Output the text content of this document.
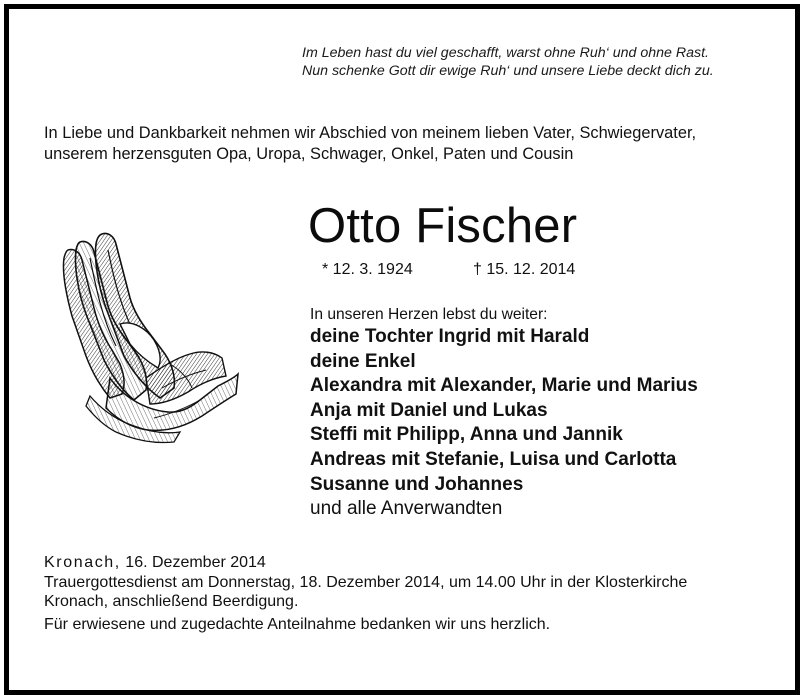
Im Leben hast du viel geschafft, warst ohne Ruh‘ und ohne Rast.
Nun schenke Gott dir ewige Ruh‘ und unsere Liebe deckt dich zu.
In Liebe und Dankbarkeit nehmen wir Abschied von meinem lieben Vater, Schwiegervater,
unserem herzensguten Opa, Uropa, Schwager, Onkel, Paten und Cousin
Otto Fischer
* 12. 3. 1924	† 15. 12. 2014
In unseren Herzen lebst du weiter:
deine Tochter Ingrid mit Harald
deine Enkel
Alexandra mit Alexander, Marie und Marius
Anja mit Daniel und Lukas
Steffi mit Philipp, Anna und Jannik
Andreas mit Stefanie, Luisa und Carlotta
Susanne und Johannes
und alle Anverwandten
Kronach, 16. Dezember 2014
Trauergottesdienst am Donnerstag, 18. Dezember 2014, um 14.00 Uhr in der Klosterkirche
Kronach, anschließend Beerdigung.
Für erwiesene und zugedachte Anteilnahme bedanken wir uns herzlich.
